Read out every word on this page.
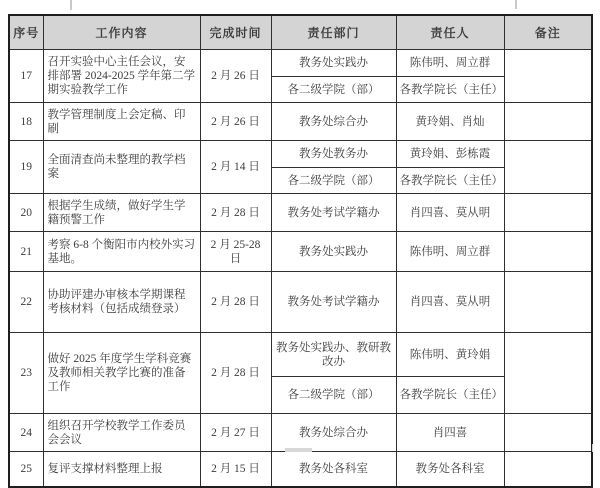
序号	工作内容	完成时间	责任部门	责任人	备注
17	召开实验中心主任会议，安排部署 2024-2025 学年第二学期实验教学工作	2 月 26 日	教务处实践办	陈伟明、周立群	
			各二级学院（部）	各教学院长（主任）	
18	教学管理制度上会定稿、印刷	2 月 26 日	教务处综合办	黄玲娟、肖灿	
19	全面清查尚未整理的教学档案	2 月 14 日	教务处教务办	黄玲娟、彭栋霞	
			各二级学院（部）	各教学院长（主任）	
20	根据学生成绩，做好学生学籍预警工作	2 月 28 日	教务处考试学籍办	肖四喜、莫从明	
21	考察 6-8 个衡阳市内校外实习基地。	2 月 25-28 日	教务处实践办	陈伟明、周立群	
22	协助评建办审核本学期课程考核材料（包括成绩登录）	2 月 28 日	教务处考试学籍办	肖四喜、莫从明	
23	做好 2025 年度学生学科竞赛及教师相关教学比赛的准备工作	2 月 28 日	教务处实践办、教研教改办	陈伟明、黄玲娟	
			各二级学院（部）	各教学院长（主任）	
24	组织召开学校教学工作委员会会议	2 月 27 日	教务处综合办	肖四喜	
25	复评支撑材料整理上报	2 月 15 日	教务处各科室	教务处各科室	
